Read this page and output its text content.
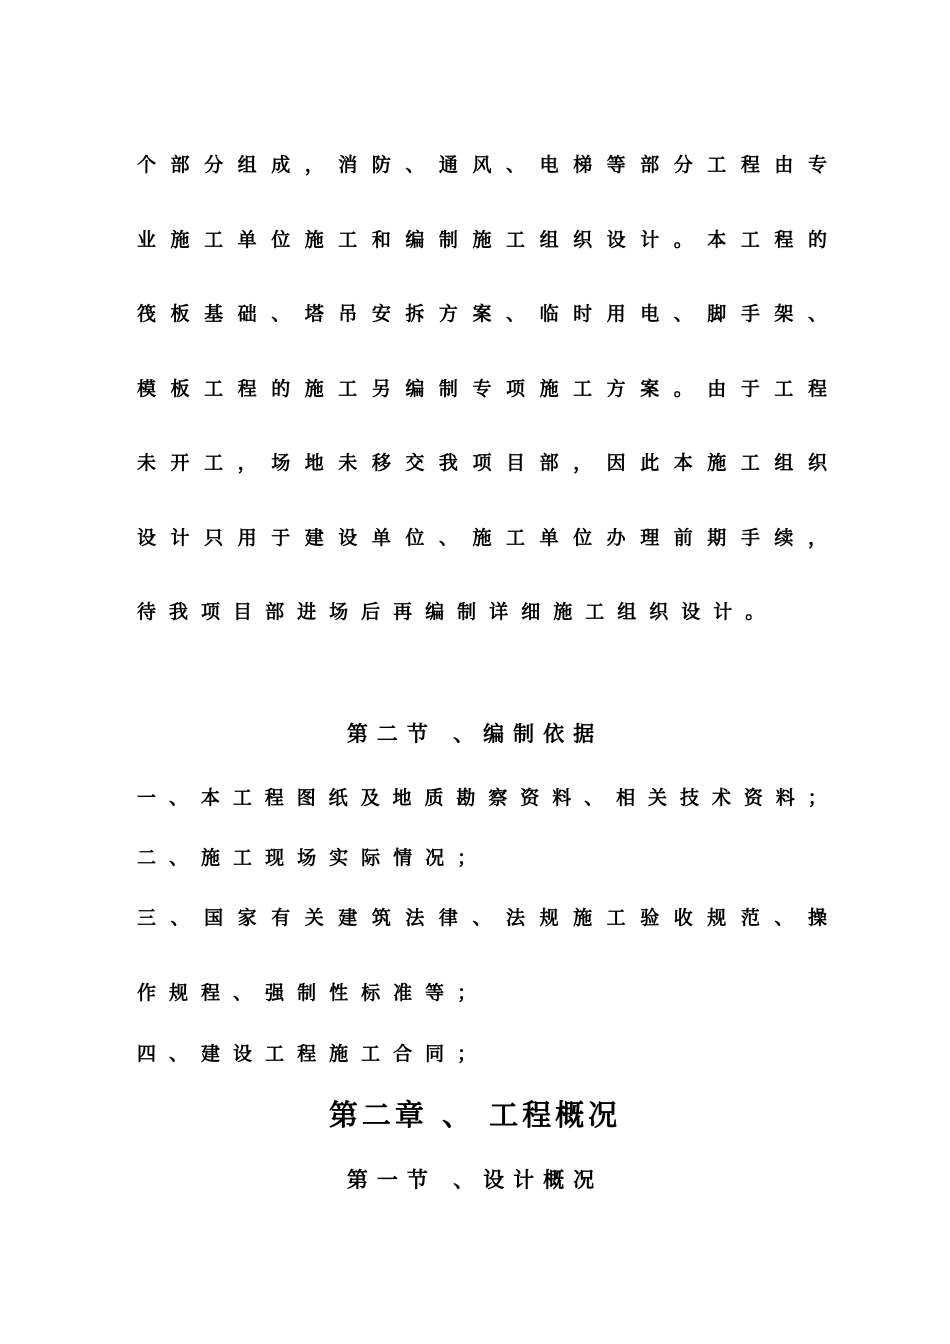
个 部 分 组 成 ， 消 防 、 通 风 、 电 梯 等 部 分 工 程 由 专
业 施 工 单 位 施 工 和 编 制 施 工 组 织 设 计 。 本 工 程 的
筏 板 基 础 、 塔 吊 安 拆 方 案 、 临 时 用 电 、 脚 手 架 、
模 板 工 程 的 施 工 另 编 制 专 项 施 工 方 案 。 由 于 工 程
未 开 工 ， 场 地 未 移 交 我 项 目 部 ， 因 此 本 施 工 组 织
设 计 只 用 于 建 设 单 位 、 施 工 单 位 办 理 前 期 手 续 ，
待 我 项 目 部 进 场 后 再 编 制 详 细 施 工 组 织 设 计 。
第二节 、编制依据
一 、 本 工 程 图 纸 及 地 质 勘 察 资 料 、 相 关 技 术 资 料 ；
二 、 施 工 现 场 实 际 情 况 ；
三 、 国 家 有 关 建 筑 法 律 、 法 规 施 工 验 收 规 范 、 操
作 规 程 、 强 制 性 标 准 等 ；
四 、 建 设 工 程 施 工 合 同 ；
第二章 、 工程概况
第一节 、设计概况
